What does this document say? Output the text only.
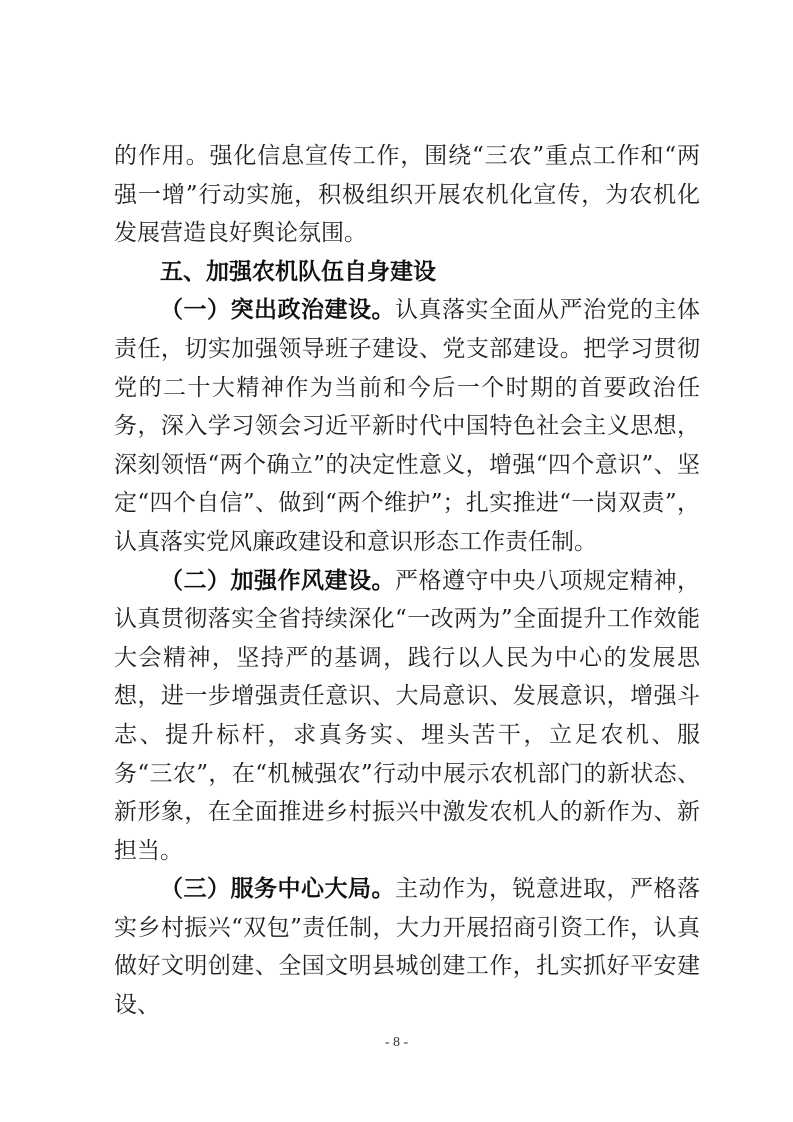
的作用。强化信息宣传工作，围绕“三农”重点工作和“两强一增”行动实施，积极组织开展农机化宣传，为农机化发展营造良好舆论氛围。

五、加强农机队伍自身建设

（一）突出政治建设。认真落实全面从严治党的主体责任，切实加强领导班子建设、党支部建设。把学习贯彻党的二十大精神作为当前和今后一个时期的首要政治任务，深入学习领会习近平新时代中国特色社会主义思想，深刻领悟“两个确立”的决定性意义，增强“四个意识”、坚定“四个自信”、做到“两个维护”；扎实推进“一岗双责”，认真落实党风廉政建设和意识形态工作责任制。

（二）加强作风建设。严格遵守中央八项规定精神，认真贯彻落实全省持续深化“一改两为”全面提升工作效能大会精神，坚持严的基调，践行以人民为中心的发展思想，进一步增强责任意识、大局意识、发展意识，增强斗志、提升标杆，求真务实、埋头苦干，立足农机、服务“三农”，在“机械强农”行动中展示农机部门的新状态、新形象，在全面推进乡村振兴中激发农机人的新作为、新担当。

（三）服务中心大局。主动作为，锐意进取，严格落实乡村振兴“双包”责任制，大力开展招商引资工作，认真做好文明创建、全国文明县城创建工作，扎实抓好平安建设、

- 8 -
